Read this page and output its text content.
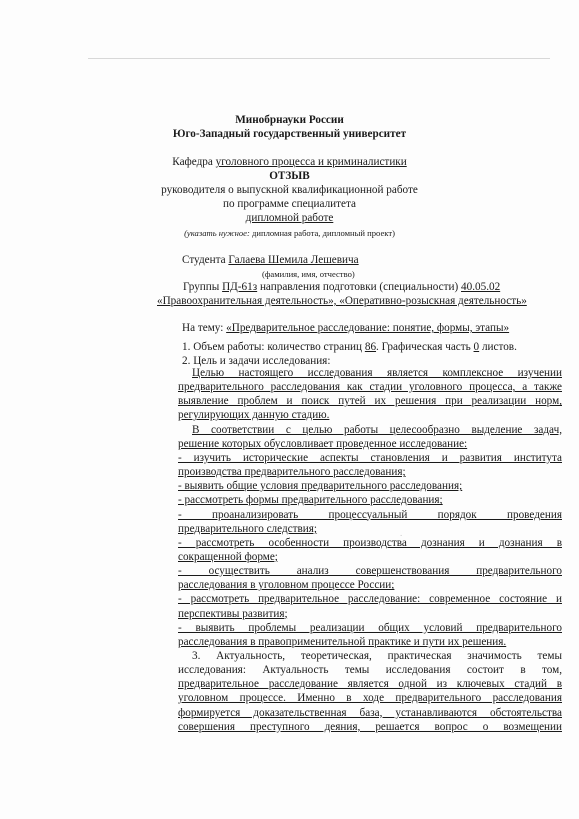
Минобрнауки России
Юго-Западный государственный университет
Кафедра уголовного процесса и криминалистики
ОТЗЫВ
руководителя о выпускной квалификационной работе
по программе специалитета
дипломной работе
(указать нужное: дипломная работа, дипломный проект)
Студента Галаева Шемила Лешевича
(фамилия, имя, отчество)
Группы ПД-61з направления подготовки (специальности) 40.05.02
«Правоохранительная деятельность», «Оперативно-розыскная деятельность»
На тему: «Предварительное расследование: понятие, формы, этапы»
1. Объем работы: количество страниц 86. Графическая часть 0 листов.
2. Цель и задачи исследования:
Целью настоящего исследования является комплексное изучении
предварительного расследования как стадии уголовного процесса, а также
выявление проблем и поиск путей их решения при реализации норм,
регулирующих данную стадию.
В соответствии с целью работы целесообразно выделение задач,
решение которых обусловливает проведенное исследование:
- изучить исторические аспекты становления и развития института
производства предварительного расследования;
- выявить общие условия предварительного расследования;
- рассмотреть формы предварительного расследования;
- проанализировать процессуальный порядок проведения
предварительного следствия;
- рассмотреть особенности производства дознания и дознания в
сокращенной форме;
- осуществить анализ совершенствования предварительного
расследования в уголовном процессе России;
- рассмотреть предварительное расследование: современное состояние и
перспективы развития;
- выявить проблемы реализации общих условий предварительного
расследования в правоприменительной практике и пути их решения.
3. Актуальность, теоретическая, практическая значимость темы
исследования: Актуальность темы исследования состоит в том,
предварительное расследование является одной из ключевых стадий в
уголовном процессе. Именно в ходе предварительного расследования
формируется доказательственная база, устанавливаются обстоятельства
совершения преступного деяния, решается вопрос о возмещении
.
